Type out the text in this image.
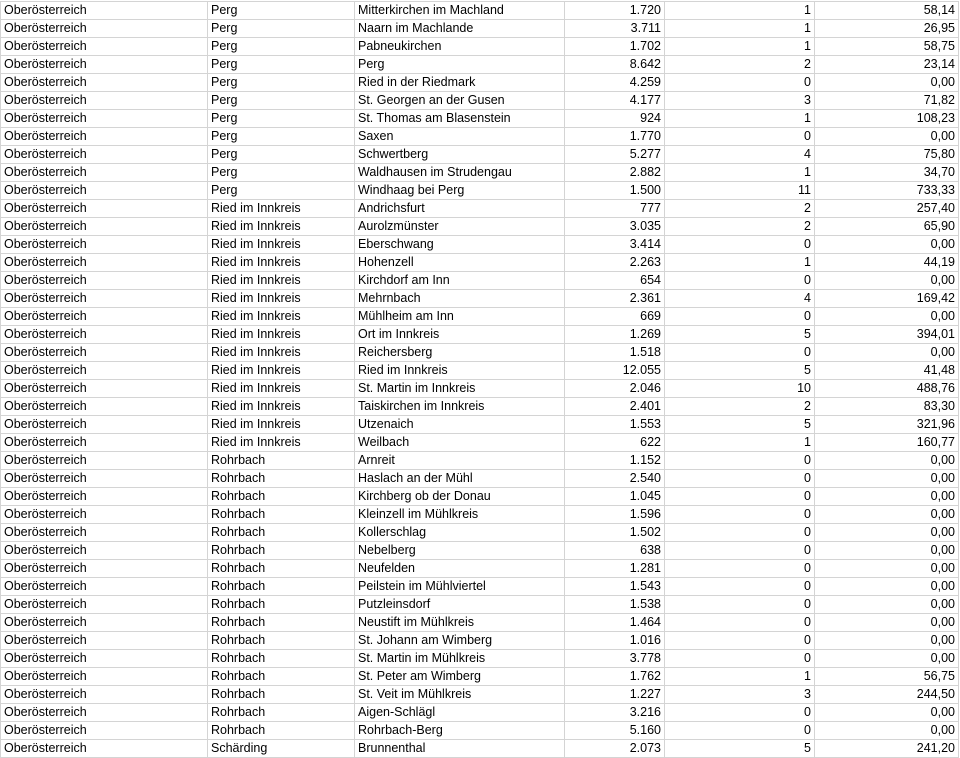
Oberösterreich	Perg	Mitterkirchen im Machland	1.720	1	58,14
Oberösterreich	Perg	Naarn im Machlande	3.711	1	26,95
Oberösterreich	Perg	Pabneukirchen	1.702	1	58,75
Oberösterreich	Perg	Perg	8.642	2	23,14
Oberösterreich	Perg	Ried in der Riedmark	4.259	0	0,00
Oberösterreich	Perg	St. Georgen an der Gusen	4.177	3	71,82
Oberösterreich	Perg	St. Thomas am Blasenstein	924	1	108,23
Oberösterreich	Perg	Saxen	1.770	0	0,00
Oberösterreich	Perg	Schwertberg	5.277	4	75,80
Oberösterreich	Perg	Waldhausen im Strudengau	2.882	1	34,70
Oberösterreich	Perg	Windhaag bei Perg	1.500	11	733,33
Oberösterreich	Ried im Innkreis	Andrichsfurt	777	2	257,40
Oberösterreich	Ried im Innkreis	Aurolzmünster	3.035	2	65,90
Oberösterreich	Ried im Innkreis	Eberschwang	3.414	0	0,00
Oberösterreich	Ried im Innkreis	Hohenzell	2.263	1	44,19
Oberösterreich	Ried im Innkreis	Kirchdorf am Inn	654	0	0,00
Oberösterreich	Ried im Innkreis	Mehrnbach	2.361	4	169,42
Oberösterreich	Ried im Innkreis	Mühlheim am Inn	669	0	0,00
Oberösterreich	Ried im Innkreis	Ort im Innkreis	1.269	5	394,01
Oberösterreich	Ried im Innkreis	Reichersberg	1.518	0	0,00
Oberösterreich	Ried im Innkreis	Ried im Innkreis	12.055	5	41,48
Oberösterreich	Ried im Innkreis	St. Martin im Innkreis	2.046	10	488,76
Oberösterreich	Ried im Innkreis	Taiskirchen im Innkreis	2.401	2	83,30
Oberösterreich	Ried im Innkreis	Utzenaich	1.553	5	321,96
Oberösterreich	Ried im Innkreis	Weilbach	622	1	160,77
Oberösterreich	Rohrbach	Arnreit	1.152	0	0,00
Oberösterreich	Rohrbach	Haslach an der Mühl	2.540	0	0,00
Oberösterreich	Rohrbach	Kirchberg ob der Donau	1.045	0	0,00
Oberösterreich	Rohrbach	Kleinzell im Mühlkreis	1.596	0	0,00
Oberösterreich	Rohrbach	Kollerschlag	1.502	0	0,00
Oberösterreich	Rohrbach	Nebelberg	638	0	0,00
Oberösterreich	Rohrbach	Neufelden	1.281	0	0,00
Oberösterreich	Rohrbach	Peilstein im Mühlviertel	1.543	0	0,00
Oberösterreich	Rohrbach	Putzleinsdorf	1.538	0	0,00
Oberösterreich	Rohrbach	Neustift im Mühlkreis	1.464	0	0,00
Oberösterreich	Rohrbach	St. Johann am Wimberg	1.016	0	0,00
Oberösterreich	Rohrbach	St. Martin im Mühlkreis	3.778	0	0,00
Oberösterreich	Rohrbach	St. Peter am Wimberg	1.762	1	56,75
Oberösterreich	Rohrbach	St. Veit im Mühlkreis	1.227	3	244,50
Oberösterreich	Rohrbach	Aigen-Schlägl	3.216	0	0,00
Oberösterreich	Rohrbach	Rohrbach-Berg	5.160	0	0,00
Oberösterreich	Schärding	Brunnenthal	2.073	5	241,20
